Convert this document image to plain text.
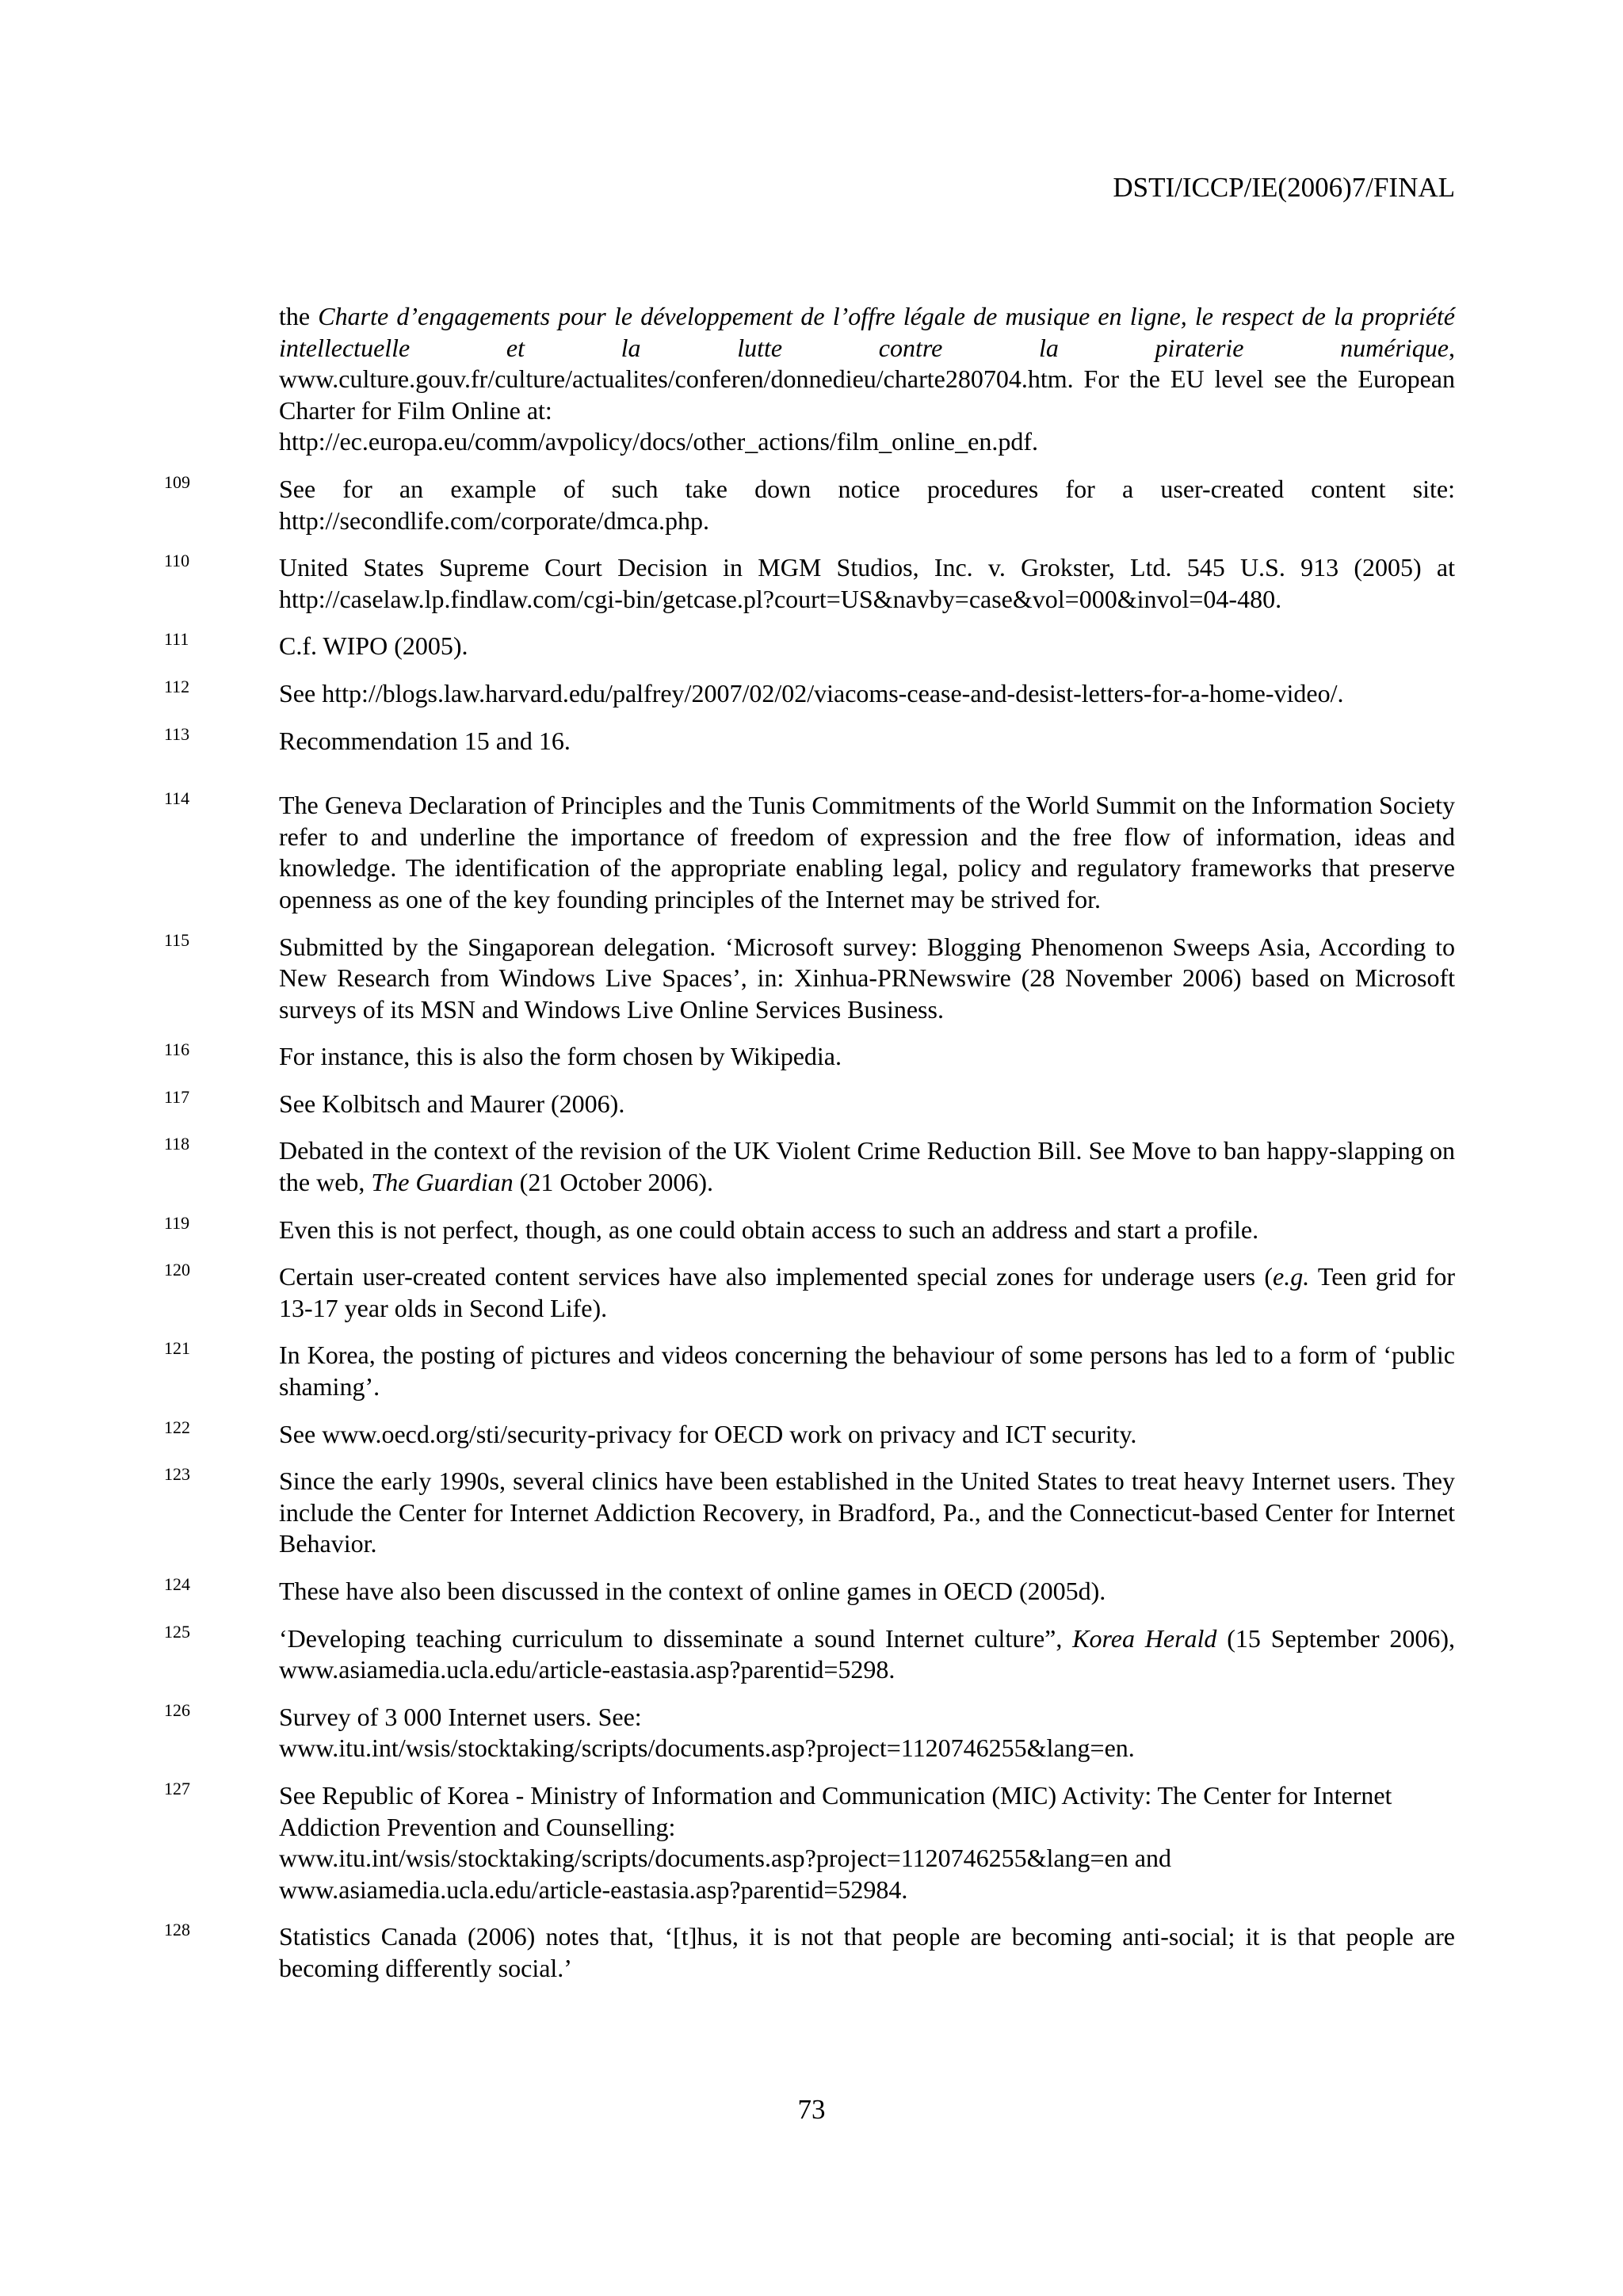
DSTI/ICCP/IE(2006)7/FINAL
the Charte d’engagements pour le développement de l’offre légale de musique en ligne, le respect de la propriété intellectuelle et la lutte contre la piraterie numérique, www.culture.gouv.fr/culture/actualites/conferen/donnedieu/charte280704.htm. For the EU level see the European Charter for Film Online at:
http://ec.europa.eu/comm/avpolicy/docs/other_actions/film_online_en.pdf.
109	See for an example of such take down notice procedures for a user-created content site: http://secondlife.com/corporate/dmca.php.
110	United States Supreme Court Decision in MGM Studios, Inc. v. Grokster, Ltd. 545 U.S. 913 (2005) at http://caselaw.lp.findlaw.com/cgi-bin/getcase.pl?court=US&navby=case&vol=000&invol=04-480.
111	C.f. WIPO (2005).
112	See http://blogs.law.harvard.edu/palfrey/2007/02/02/viacoms-cease-and-desist-letters-for-a-home-video/.
113	Recommendation 15 and 16.
114	The Geneva Declaration of Principles and the Tunis Commitments of the World Summit on the Information Society refer to and underline the importance of freedom of expression and the free flow of information, ideas and knowledge. The identification of the appropriate enabling legal, policy and regulatory frameworks that preserve openness as one of the key founding principles of the Internet may be strived for.
115	Submitted by the Singaporean delegation. ‘Microsoft survey: Blogging Phenomenon Sweeps Asia, According to New Research from Windows Live Spaces’, in: Xinhua-PRNewswire (28 November 2006) based on Microsoft surveys of its MSN and Windows Live Online Services Business.
116	For instance, this is also the form chosen by Wikipedia.
117	See Kolbitsch and Maurer (2006).
118	Debated in the context of the revision of the UK Violent Crime Reduction Bill. See Move to ban happy-slapping on the web, The Guardian (21 October 2006).
119	Even this is not perfect, though, as one could obtain access to such an address and start a profile.
120	Certain user-created content services have also implemented special zones for underage users (e.g. Teen grid for 13-17 year olds in Second Life).
121	In Korea, the posting of pictures and videos concerning the behaviour of some persons has led to a form of ‘public shaming’.
122	See www.oecd.org/sti/security-privacy for OECD work on privacy and ICT security.
123	Since the early 1990s, several clinics have been established in the United States to treat heavy Internet users. They include the Center for Internet Addiction Recovery, in Bradford, Pa., and the Connecticut-based Center for Internet Behavior.
124	These have also been discussed in the context of online games in OECD (2005d).
125	‘Developing teaching curriculum to disseminate a sound Internet culture”, Korea Herald (15 September 2006), www.asiamedia.ucla.edu/article-eastasia.asp?parentid=5298.
126	Survey of 3 000 Internet users. See:
www.itu.int/wsis/stocktaking/scripts/documents.asp?project=1120746255&lang=en.
127	See Republic of Korea - Ministry of Information and Communication (MIC) Activity: The Center for Internet Addiction Prevention and Counselling:
www.itu.int/wsis/stocktaking/scripts/documents.asp?project=1120746255&lang=en and
www.asiamedia.ucla.edu/article-eastasia.asp?parentid=52984.
128	Statistics Canada (2006) notes that, ‘[t]hus, it is not that people are becoming anti-social; it is that people are becoming differently social.’
73
